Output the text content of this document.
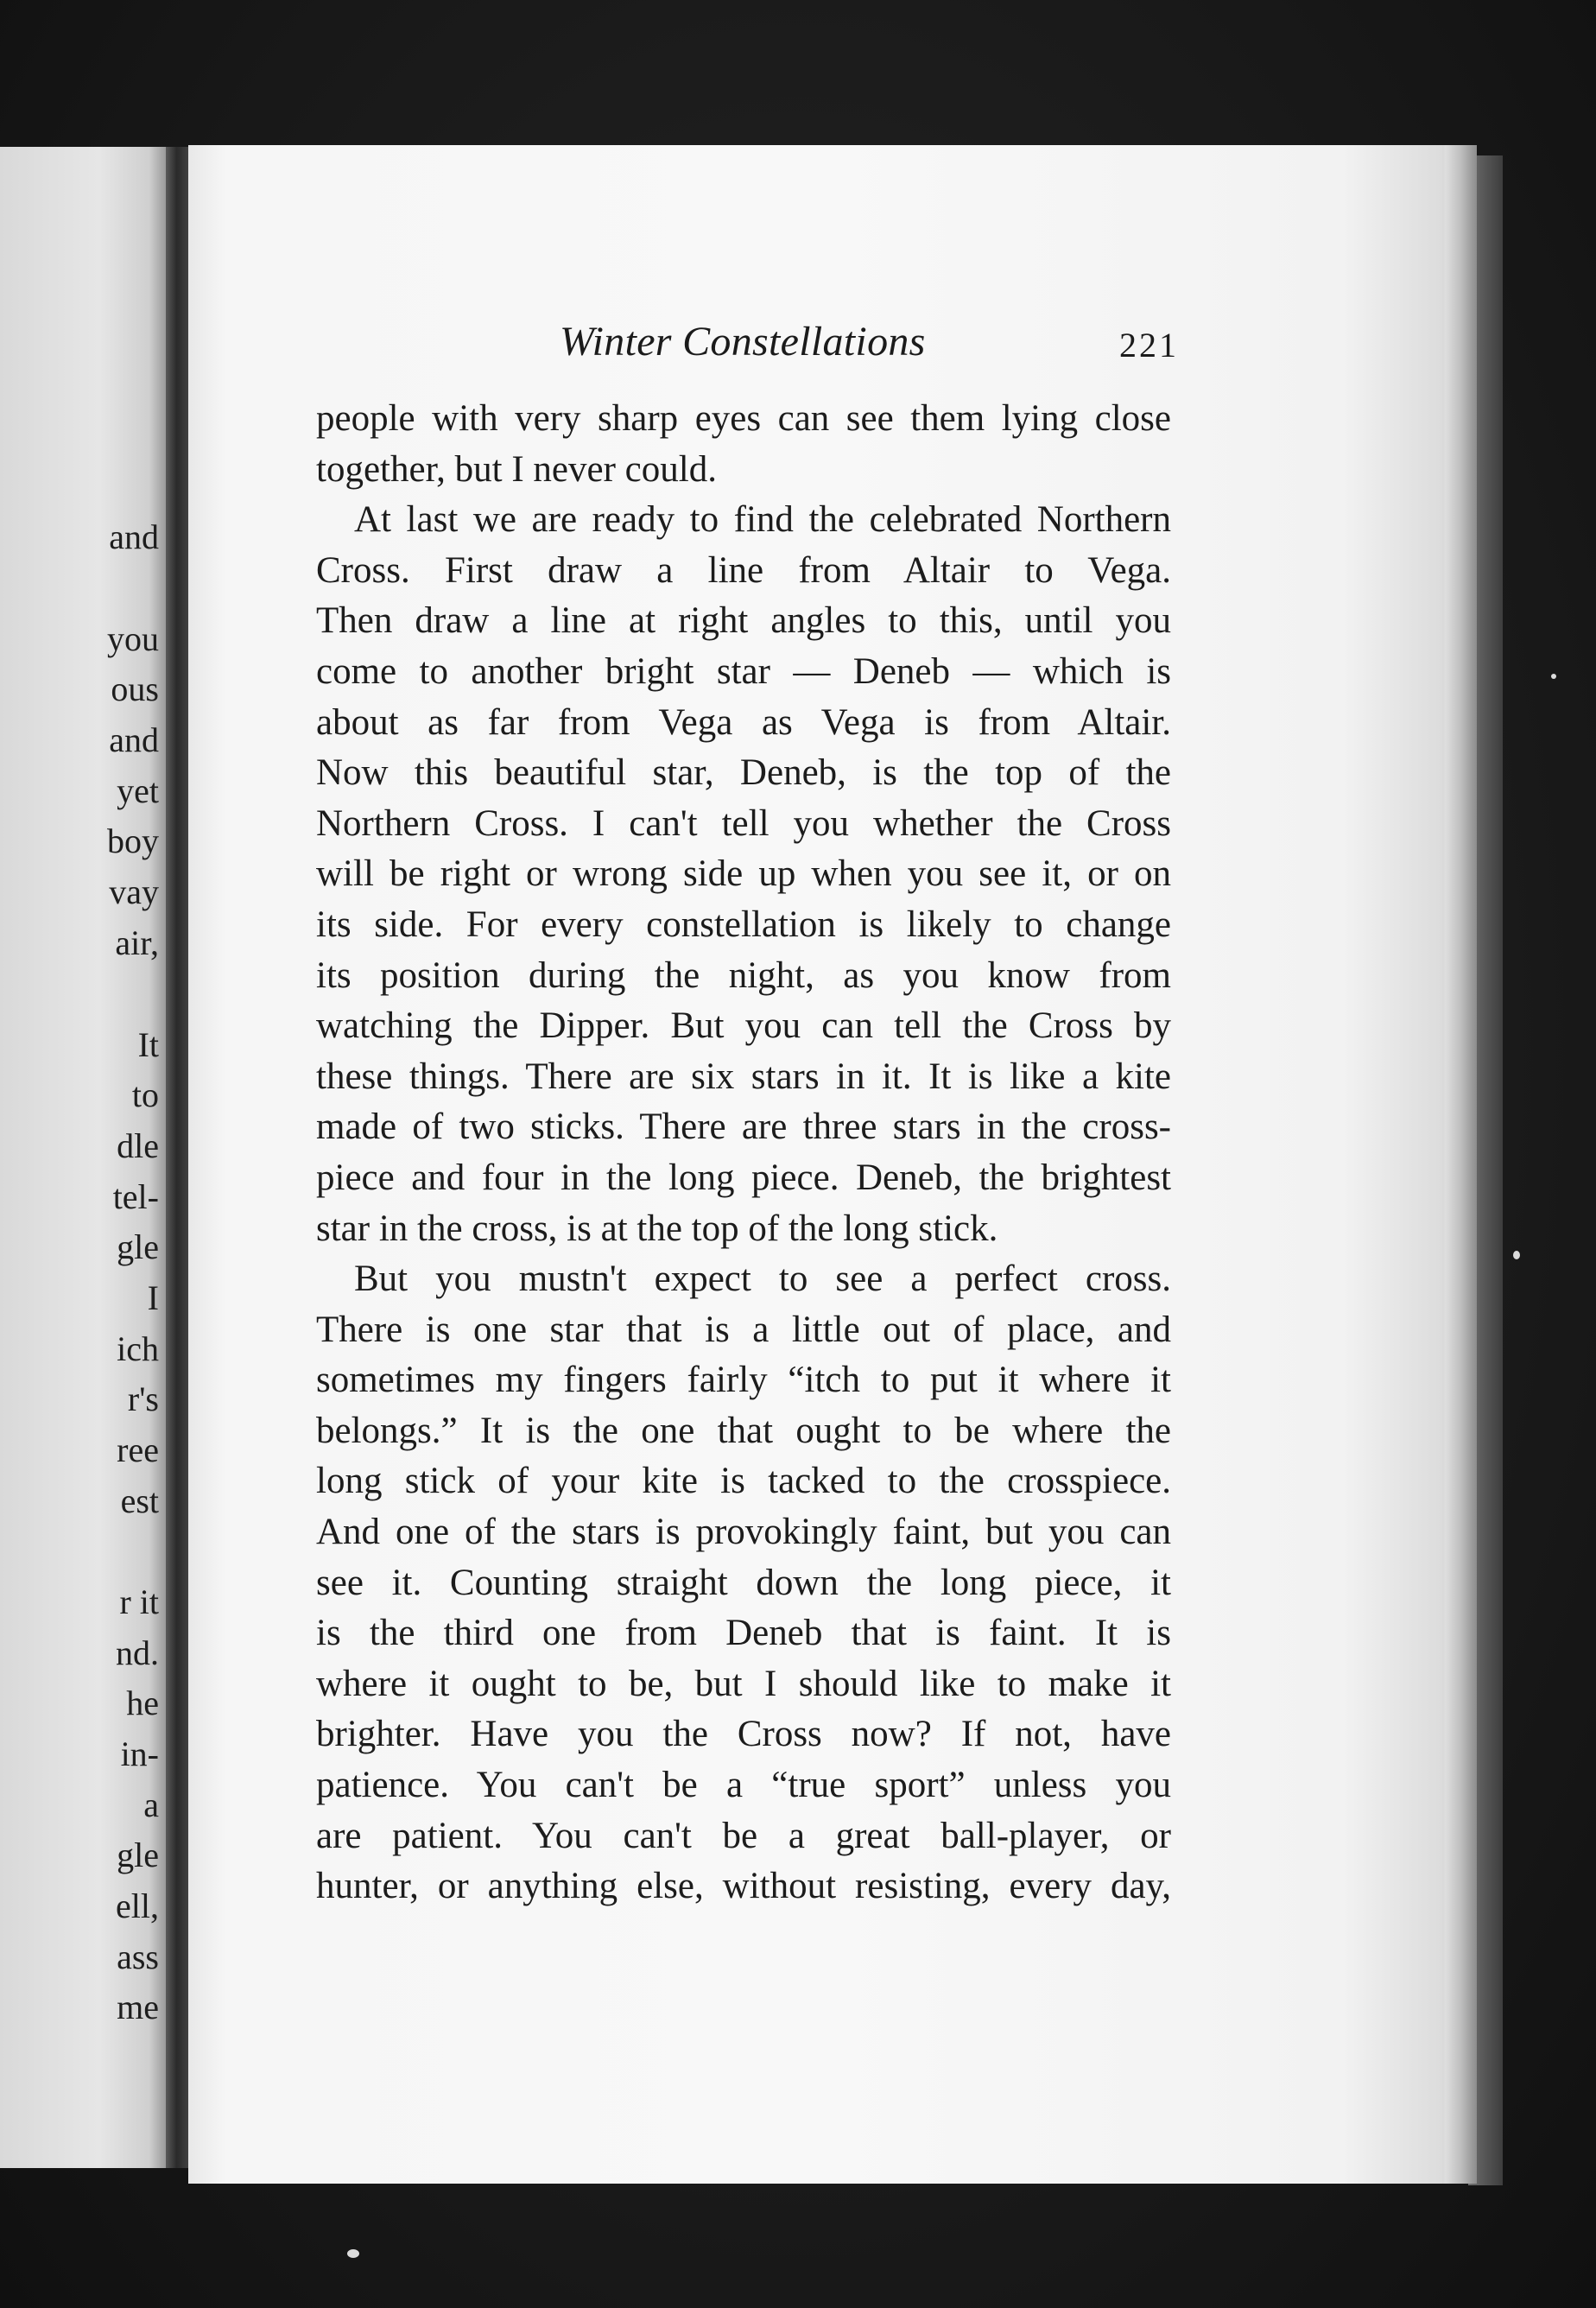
and
you
ous
and
yet
boy
vay
air,
It
to
dle
tel-
gle
I
ich
r's
ree
est
r it
nd.
he
in-
a
gle
ell,
ass
me
Winter Constellations	221
people with very sharp eyes can see them lying close
together, but I never could.
At last we are ready to find the celebrated Northern
Cross. First draw a line from Altair to Vega.
Then draw a line at right angles to this, until you
come to another bright star — Deneb — which is
about as far from Vega as Vega is from Altair.
Now this beautiful star, Deneb, is the top of the
Northern Cross. I can't tell you whether the Cross
will be right or wrong side up when you see it, or on
its side. For every constellation is likely to change
its position during the night, as you know from
watching the Dipper. But you can tell the Cross by
these things. There are six stars in it. It is like a kite
made of two sticks. There are three stars in the cross-
piece and four in the long piece. Deneb, the brightest
star in the cross, is at the top of the long stick.
But you mustn't expect to see a perfect cross.
There is one star that is a little out of place, and
sometimes my fingers fairly “itch to put it where it
belongs.” It is the one that ought to be where the
long stick of your kite is tacked to the crosspiece.
And one of the stars is provokingly faint, but you can
see it. Counting straight down the long piece, it
is the third one from Deneb that is faint. It is
where it ought to be, but I should like to make it
brighter. Have you the Cross now? If not, have
patience. You can't be a “true sport” unless you
are patient. You can't be a great ball-player, or
hunter, or anything else, without resisting, every day,
